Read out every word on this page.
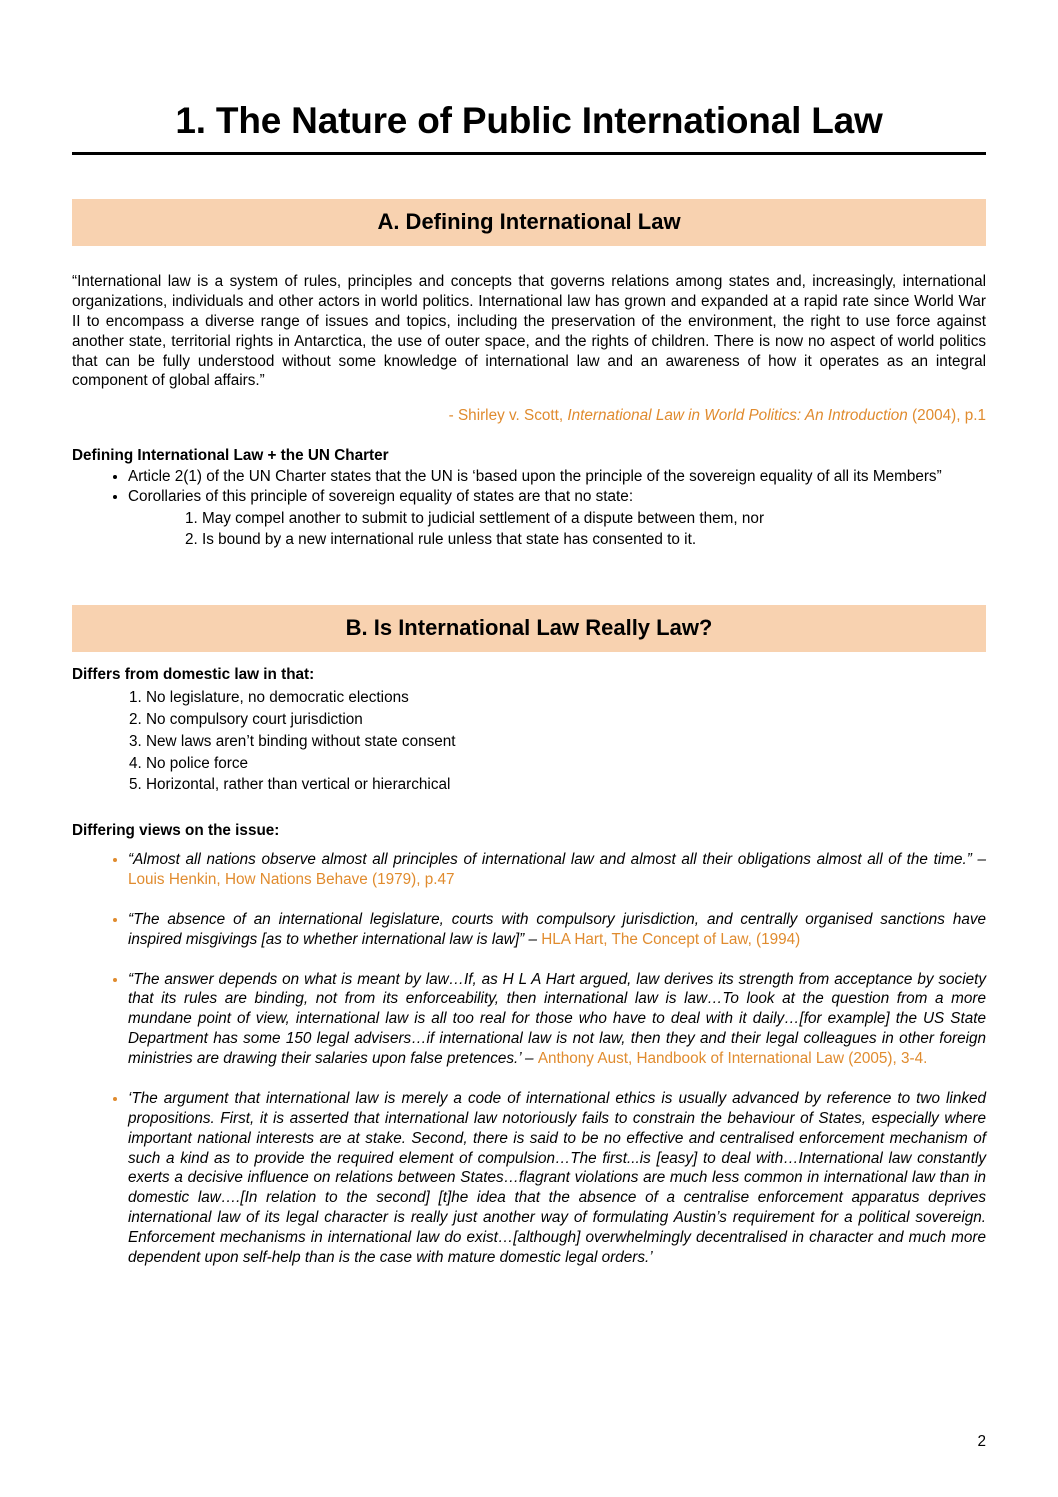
1. The Nature of Public International Law
A. Defining International Law

“International law is a system of rules, principles and concepts that governs relations among states and, increasingly, international organizations, individuals and other actors in world politics. International law has grown and expanded at a rapid rate since World War II to encompass a diverse range of issues and topics, including the preservation of the environment, the right to use force against another state, territorial rights in Antarctica, the use of outer space, and the rights of children. There is now no aspect of world politics that can be fully understood without some knowledge of international law and an awareness of how it operates as an integral component of global affairs.”

- Shirley v. Scott, International Law in World Politics: An Introduction (2004), p.1
Defining International Law + the UN Charter
• Article 2(1) of the UN Charter states that the UN is ‘based upon the principle of the sovereign equality of all its Members”
• Corollaries of this principle of sovereign equality of states are that no state:
1. May compel another to submit to judicial settlement of a dispute between them, nor
2. Is bound by a new international rule unless that state has consented to it.
B. Is International Law Really Law?
Differs from domestic law in that:
1. No legislature, no democratic elections
2. No compulsory court jurisdiction
3. New laws aren’t binding without state consent
4. No police force
5. Horizontal, rather than vertical or hierarchical
Differing views on the issue:
• “Almost all nations observe almost all principles of international law and almost all their obligations almost all of the time.” – Louis Henkin, How Nations Behave (1979), p.47
• “The absence of an international legislature, courts with compulsory jurisdiction, and centrally organised sanctions have inspired misgivings [as to whether international law is law]” – HLA Hart, The Concept of Law, (1994)
• “The answer depends on what is meant by law…If, as H L A Hart argued, law derives its strength from acceptance by society that its rules are binding, not from its enforceability, then international law is law…To look at the question from a more mundane point of view, international law is all too real for those who have to deal with it daily…[for example] the US State Department has some 150 legal advisers…if international law is not law, then they and their legal colleagues in other foreign ministries are drawing their salaries upon false pretences.’ – Anthony Aust, Handbook of International Law (2005), 3-4.
• ‘The argument that international law is merely a code of international ethics is usually advanced by reference to two linked propositions. First, it is asserted that international law notoriously fails to constrain the behaviour of States, especially where important national interests are at stake. Second, there is said to be no effective and centralised enforcement mechanism of such a kind as to provide the required element of compulsion…The first...is [easy] to deal with…International law constantly exerts a decisive influence on relations between States…flagrant violations are much less common in international law than in domestic law….[In relation to the second] [t]he idea that the absence of a centralise enforcement apparatus deprives international law of its legal character is really just another way of formulating Austin’s requirement for a political sovereign. Enforcement mechanisms in international law do exist…[although] overwhelmingly decentralised in character and much more dependent upon self-help than is the case with mature domestic legal orders.’
2
